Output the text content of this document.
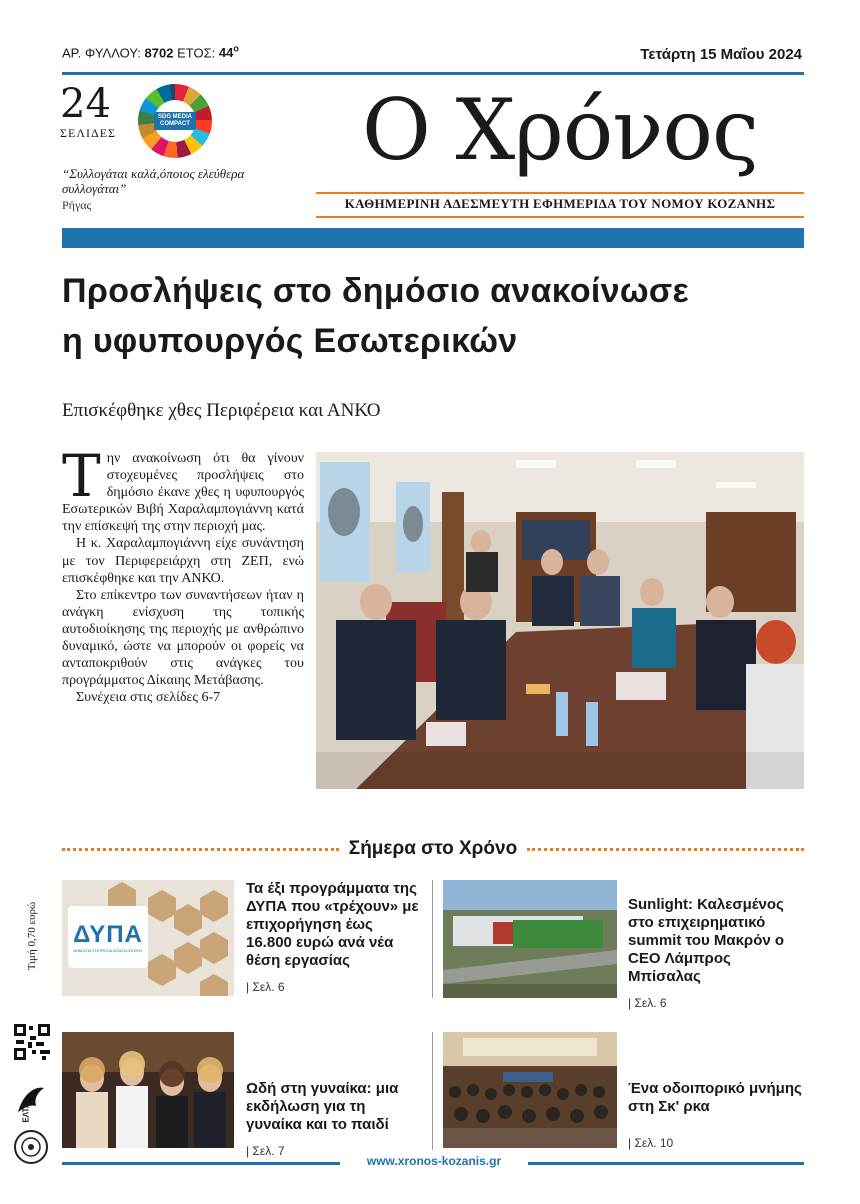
ΑΡ. ΦΥΛΛΟΥ: 8702 ΕΤΟΣ: $44^o$	Τετάρτη 15 Μαΐου 2024
24
ΣΕΛΙΔΕΣ
SDG MEDIA COMPACT
“Συλλογάται καλά,όποιος ελεύθερα συλλογάται”
Ρήγας
Ο Χρόνος
ΚΑΘΗΜΕΡΙΝΗ ΑΔΕΣΜΕΥΤΗ ΕΦΗΜΕΡΙΔΑ ΤΟΥ ΝΟΜΟΥ ΚΟΖΑΝΗΣ
Προσλήψεις στο δημόσιο ανακοίνωσε
η υφυπουργός Εσωτερικών
Επισκέφθηκε χθες Περιφέρεια και ΑΝΚΟ

Την ανακοίνωση ότι θα γίνουν στοχευμένες προσλήψεις στο δημόσιο έκανε χθες η υφυπουργός Εσωτερικών Βιβή Χαραλαμπογιάννη κατά την επίσκεψή της στην περιοχή μας.

Η κ. Χαραλαμπογιάννη είχε συνάντηση με τον Περιφερειάρχη στη ΖΕΠ, ενώ επισκέφθηκε και την ΑΝΚΟ.

Στο επίκεντρο των συναντήσεων ήταν η ανάγκη ενίσχυση της τοπικής αυτοδιοίκησης της περιοχής με ανθρώπινο δυναμικό, ώστε να μπορούν οι φορείς να ανταποκριθούν στις ανάγκες του προγράμματος Δίκαιης Μετάβασης.

Συνέχεια στις σελίδες 6-7

Σήμερα στο Χρόνο
ΔΥΠΑ
ΔΗΜΟΣΙΑ ΥΠΗΡΕΣΙΑ ΑΠΑΣΧΟΛΗΣΗΣ
Τα έξι προγράμματα της ΔΥΠΑ που «τρέχουν» με επιχορήγηση έως 16.800 ευρώ ανά νέα θέση εργασίας
| Σελ. 6
Sunlight: Καλεσμένος στο επιχειρηματικό summit του Μακρόν ο CEO Λάμπρος Μπίσαλας
| Σελ. 6
Ωδή στη γυναίκα: μια εκδήλωση για τη γυναίκα και το παιδί
| Σελ. 7
Ένα οδοιπορικό μνήμης στη Σκ' ρκα
| Σελ. 10
Τιμή 0,70 ευρώ
ΕΛΤΑ
www.xronos-kozanis.gr
